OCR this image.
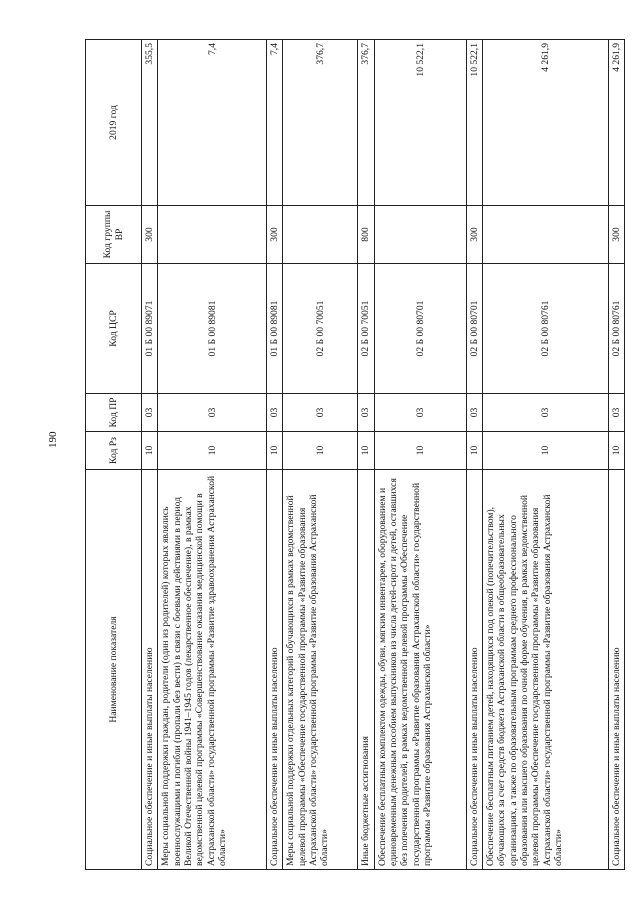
190
Наименование показателя	Код Рз	Код ПР	Код ЦСР	Код группы ВР	2019 год
Социальное обеспечение и иные выплаты населению	10	03	01 Б 00 89071	300	355,5
Меры социальной поддержки граждан, родители (один из родителей) которых являлись военнослужащими и погибли (пропали без вести) в связи с боевыми действиями в период Великой Отечественной войны 1941–1945 годов (лекарственное обеспечение), в рамках ведомственной целевой программы «Совершенствование оказания медицинской помощи в Астраханской области» государственной программы «Развитие здравоохранения Астраханской области»	10	03	01 Б 00 89081		7,4
Социальное обеспечение и иные выплаты населению	10	03	01 Б 00 89081	300	7,4
Меры социальной поддержки отдельных категорий обучающихся в рамках ведомственной целевой программы «Обеспечение государственной программы «Развитие образования Астраханской области» государственной программы «Развитие образования Астраханской области»	10	03	02 Б 00 70051		376,7
Иные бюджетные ассигнования	10	03	02 Б 00 70051	800	376,7
Обеспечение бесплатным комплектом одежды, обуви, мягким инвентарем, оборудованием и единовременным денежным пособием выпускников из числа детей-сирот и детей, оставшихся без попечения родителей, в рамках ведомственной целевой программы «Обеспечение государственной программы «Развитие образования Астраханской области» государственной программы «Развитие образования Астраханской области»	10	03	02 Б 00 80701		10 522,1
Социальное обеспечение и иные выплаты населению	10	03	02 Б 00 80701	300	10 522,1
Обеспечение бесплатным питанием детей, находящихся под опекой (попечительством), обучающихся за счет средств бюджета Астраханской области в общеобразовательных организациях, а также по образовательным программам среднего профессионального образования или высшего образования по очной форме обучения, в рамках ведомственной целевой программы «Обеспечение государственной программы «Развитие образования Астраханской области» государственной программы «Развитие образования Астраханской области»	10	03	02 Б 00 80761		4 261,9
Социальное обеспечение и иные выплаты населению	10	03	02 Б 00 80761	300	4 261,9
